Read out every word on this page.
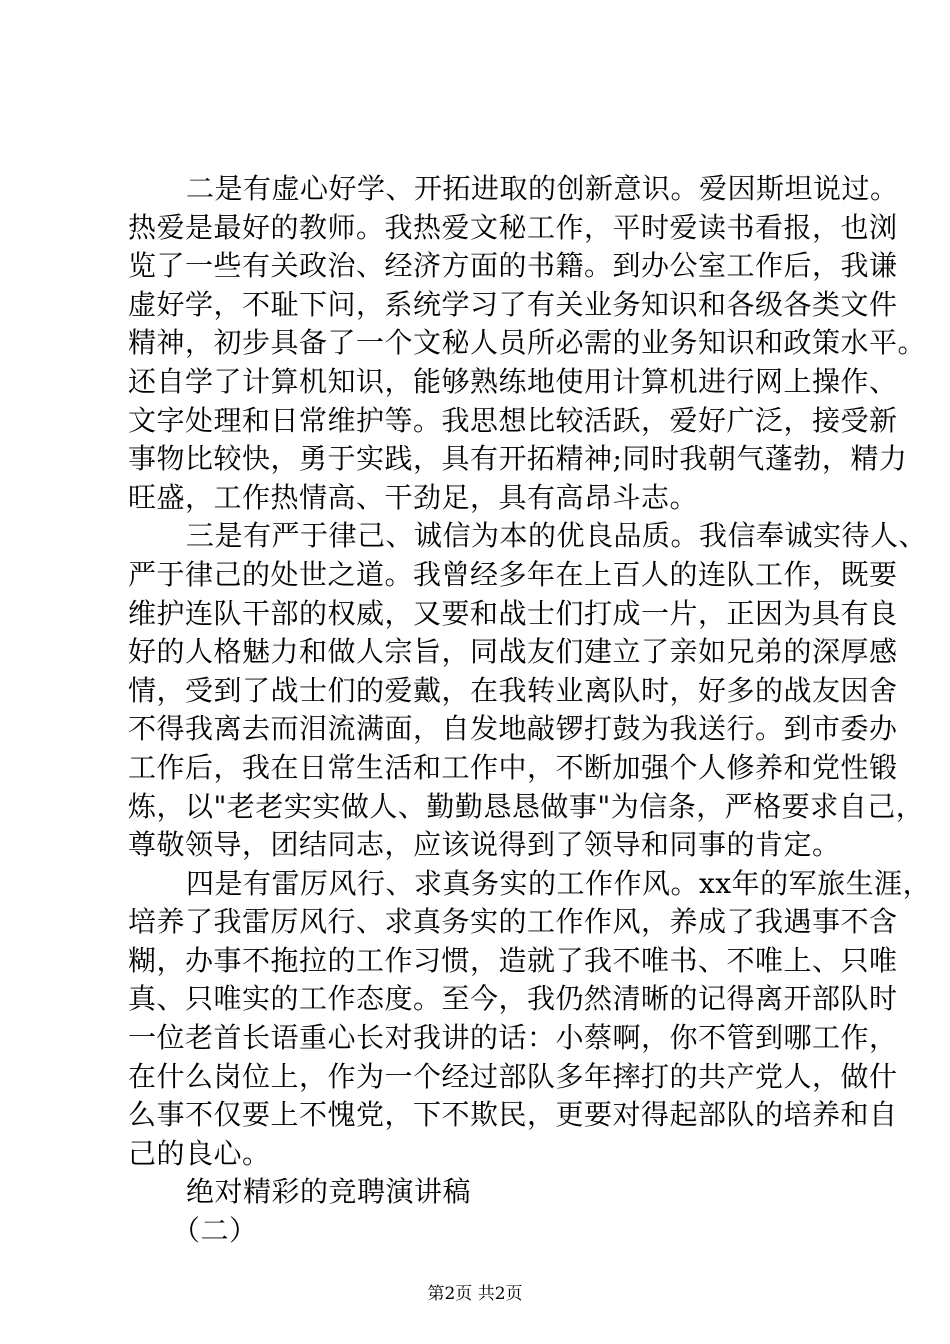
二是有虚心好学、开拓进取的创新意识。爱因斯坦说过。
热爱是最好的教师。我热爱文秘工作，平时爱读书看报，也浏
览了一些有关政治、经济方面的书籍。到办公室工作后，我谦
虚好学，不耻下问，系统学习了有关业务知识和各级各类文件
精神，初步具备了一个文秘人员所必需的业务知识和政策水平。
还自学了计算机知识，能够熟练地使用计算机进行网上操作、
文字处理和日常维护等。我思想比较活跃，爱好广泛，接受新
事物比较快，勇于实践，具有开拓精神;同时我朝气蓬勃，精力
旺盛，工作热情高、干劲足，具有高昂斗志。
三是有严于律己、诚信为本的优良品质。我信奉诚实待人、
严于律己的处世之道。我曾经多年在上百人的连队工作，既要
维护连队干部的权威，又要和战士们打成一片，正因为具有良
好的人格魅力和做人宗旨，同战友们建立了亲如兄弟的深厚感
情，受到了战士们的爱戴，在我转业离队时，好多的战友因舍
不得我离去而泪流满面，自发地敲锣打鼓为我送行。到市委办
工作后，我在日常生活和工作中，不断加强个人修养和党性锻
炼，以"老老实实做人、勤勤恳恳做事"为信条，严格要求自己，
尊敬领导，团结同志，应该说得到了领导和同事的肯定。
四是有雷厉风行、求真务实的工作作风。xx年的军旅生涯，
培养了我雷厉风行、求真务实的工作作风，养成了我遇事不含
糊，办事不拖拉的工作习惯，造就了我不唯书、不唯上、只唯
真、只唯实的工作态度。至今，我仍然清晰的记得离开部队时
一位老首长语重心长对我讲的话：小蔡啊，你不管到哪工作，
在什么岗位上，作为一个经过部队多年摔打的共产党人，做什
么事不仅要上不愧党，下不欺民，更要对得起部队的培养和自
己的良心。
绝对精彩的竞聘演讲稿
（二）
第2页 共2页
